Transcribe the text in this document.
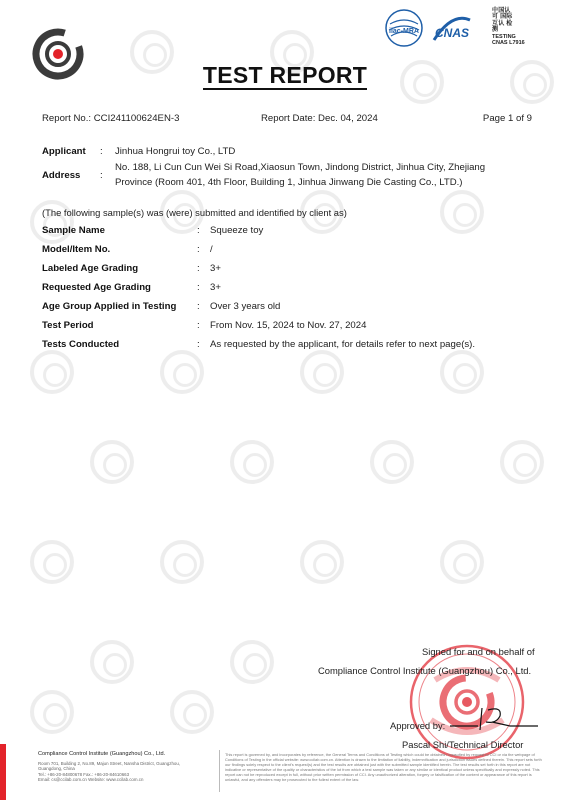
ilac-MRA CNAS
中国认可 国际互认 检测
TESTING
CNAS L7916
TEST REPORT
Report No.: CCI241100624EN-3	Report Date: Dec. 04, 2024	Page 1 of 9
Applicant : Jinhua Hongrui toy Co., LTD
Address :
No. 188, Li Cun Cun Wei Si Road,Xiaosun Town, Jindong District, Jinhua City, Zhejiang
Province (Room 401, 4th Floor, Building 1, Jinhua Jinwang Die Casting Co., LTD.)
(The following sample(s) was (were) submitted and identified by client as)
Sample Name	: Squeeze toy
Model/Item No.	: /
Labeled Age Grading	: 3+
Requested Age Grading	: 3+
Age Group Applied in Testing : Over 3 years old
Test Period	: From Nov. 15, 2024 to Nov. 27, 2024
Tests Conducted	: As requested by the applicant, for details refer to next page(s).
Signed for and on behalf of
Compliance Control Institute (Guangzhou) Co., Ltd.
Approved by:
Pascal Shi/Technical Director
Compliance Control Institute (Guangzhou) Co., Ltd.
Room 701, Building 2, No.89, Majun Street, Nansha District, Guangzhou,
Guangdong, China
Tel.: +86-20-84800678 Fax.: +86-20-84610663
Email: cs@ccilab.com.cn Website: www.ccilab.com.cn
This report is governed by, and incorporates by reference, the General Terms and Conditions of Testing which could be obtained / consulted by request to CCI or via the webpage of Conditions of Testing in the official website: www.ccilab.com.cn. Attention is drawn to the limitation of liability, indemnification and jurisdiction issues defined therein. This report sets forth our findings solely respect to the client's request(s) and the test results are obtained just with the submitted sample identified herein. The test results set forth in this report are not indicative or representative of the quality or characteristics of the lot from which a test sample was taken or any similar or identical product unless specifically and expressly noted. This report can not be reproduced except in full, without prior written permission of CCI. Any unauthorized alteration, forgery or falsification of the content or appearance of this report is unlawful, and any offenders may be prosecuted to the fullest extent of the law.
